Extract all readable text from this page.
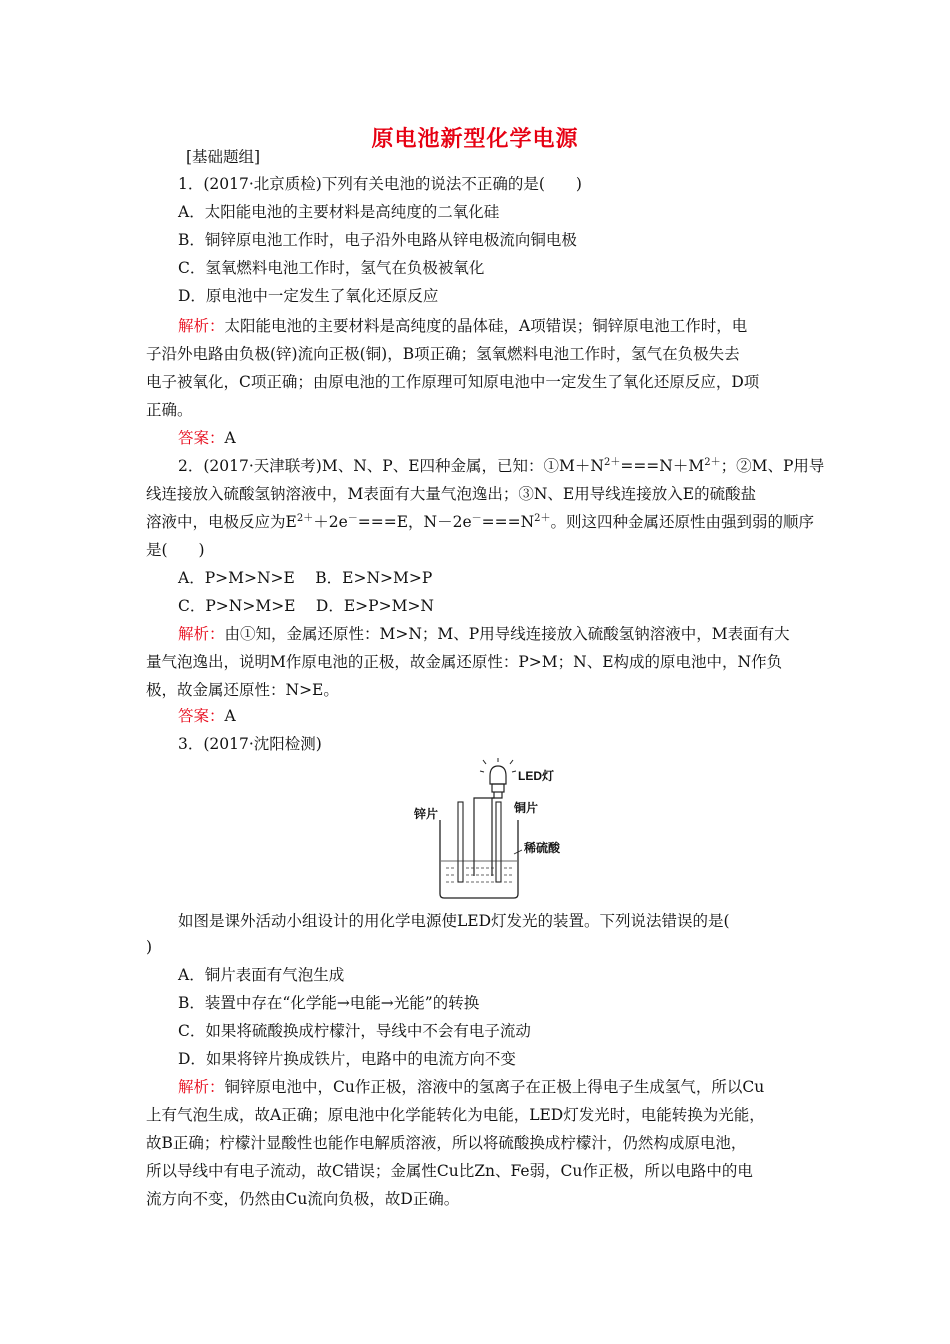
原电池新型化学电源
[基础题组]
1．(2017·北京质检)下列有关电池的说法不正确的是(　　)
A．太阳能电池的主要材料是高纯度的二氧化硅
B．铜锌原电池工作时，电子沿外电路从锌电极流向铜电极
C．氢氧燃料电池工作时，氢气在负极被氧化
D．原电池中一定发生了氧化还原反应
解析：太阳能电池的主要材料是高纯度的晶体硅，A项错误；铜锌原电池工作时，电
子沿外电路由负极(锌)流向正极(铜)，B项正确；氢氧燃料电池工作时，氢气在负极失去
电子被氧化，C项正确；由原电池的工作原理可知原电池中一定发生了氧化还原反应，D项
正确。
答案：A
2．(2017·天津联考)M、N、P、E四种金属，已知：$①M+N^{2+}===N+M^{2+}$；②M、P用导
线连接放入硫酸氢钠溶液中，M表面有大量气泡逸出；③N、E用导线连接放入E的硫酸盐
溶液中，电极反应为$E^{2+}+2e^-===E$，$N-2e^-===N^{2+}$。则这四种金属还原性由强到弱的顺序
是(　　)
A．P>M>N>E　 B．E>N>M>P
C．P>N>M>E　 D．E>P>M>N
解析：由①知，金属还原性：M>N；M、P用导线连接放入硫酸氢钠溶液中，M表面有大
量气泡逸出，说明M作原电池的正极，故金属还原性：P>M；N、E构成的原电池中，N作负
极，故金属还原性：N>E。
答案：A
3．(2017·沈阳检测)
LED灯
锌片	铜片
稀硫酸
如图是课外活动小组设计的用化学电源使LED灯发光的装置。下列说法错误的是(
)
A．铜片表面有气泡生成
B．装置中存在“化学能→电能→光能”的转换
C．如果将硫酸换成柠檬汁，导线中不会有电子流动
D．如果将锌片换成铁片，电路中的电流方向不变
解析：铜锌原电池中，Cu作正极，溶液中的氢离子在正极上得电子生成氢气，所以Cu
上有气泡生成，故A正确；原电池中化学能转化为电能，LED灯发光时，电能转换为光能，
故B正确；柠檬汁显酸性也能作电解质溶液，所以将硫酸换成柠檬汁，仍然构成原电池，
所以导线中有电子流动，故C错误；金属性Cu比Zn、Fe弱，Cu作正极，所以电路中的电
流方向不变，仍然由Cu流向负极，故D正确。
